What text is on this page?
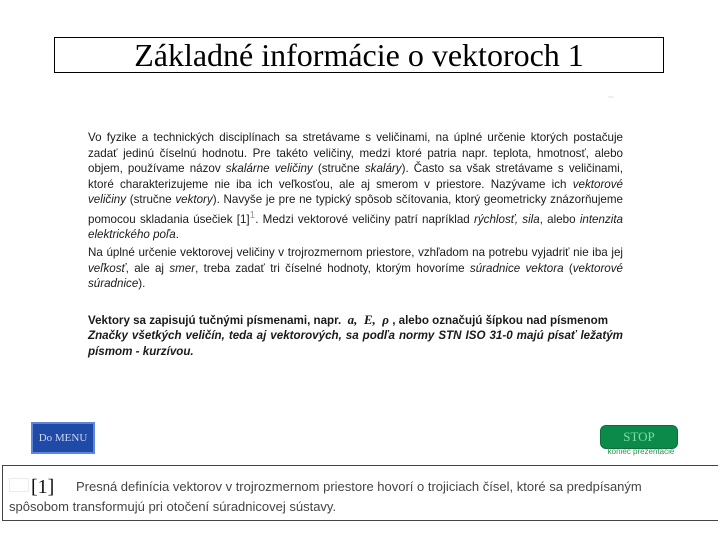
Základné informácie o vektoroch 1

Vo fyzike a technických disciplínach sa stretávame s veličinami, na úplné určenie ktorých postačuje zadať jedinú číselnú hodnotu. Pre takéto veličiny, medzi ktoré patria napr. teplota, hmotnosť, alebo objem, používame názov skalárne veličiny (stručne skaláry). Často sa však stretávame s veličinami, ktoré charakterizujeme nie iba ich veľkosťou, ale aj smerom v priestore. Nazývame ich vektorové veličiny (stručne vektory). Navyše je pre ne typický spôsob sčítovania, ktorý geometricky znázorňujeme pomocou skladania úsečiek $[1]^1$. Medzi vektorové veličiny patrí napríklad rýchlosť, sila, alebo intenzita elektrického poľa.

Na úplné určenie vektorovej veličiny v trojrozmernom priestore, vzhľadom na potrebu vyjadriť nie iba jej veľkosť, ale aj smer, treba zadať tri číselné hodnoty, ktorým hovoríme súradnice vektora (vektorové súradnice).

Vektory sa zapisujú tučnými písmenami, napr. a, E, ρ , alebo označujú šípkou nad písmenom
Značky všetkých veličín, teda aj vektorových, sa podľa normy STN ISO 31-0 majú písať ležatým písmom - kurzívou.

Do MENU	STOP
koniec prezentácie
[1] Presná definícia vektorov v trojrozmernom priestore hovorí o trojiciach čísel, ktoré sa predpísaným
spôsobom transformujú pri otočení súradnicovej sústavy.
